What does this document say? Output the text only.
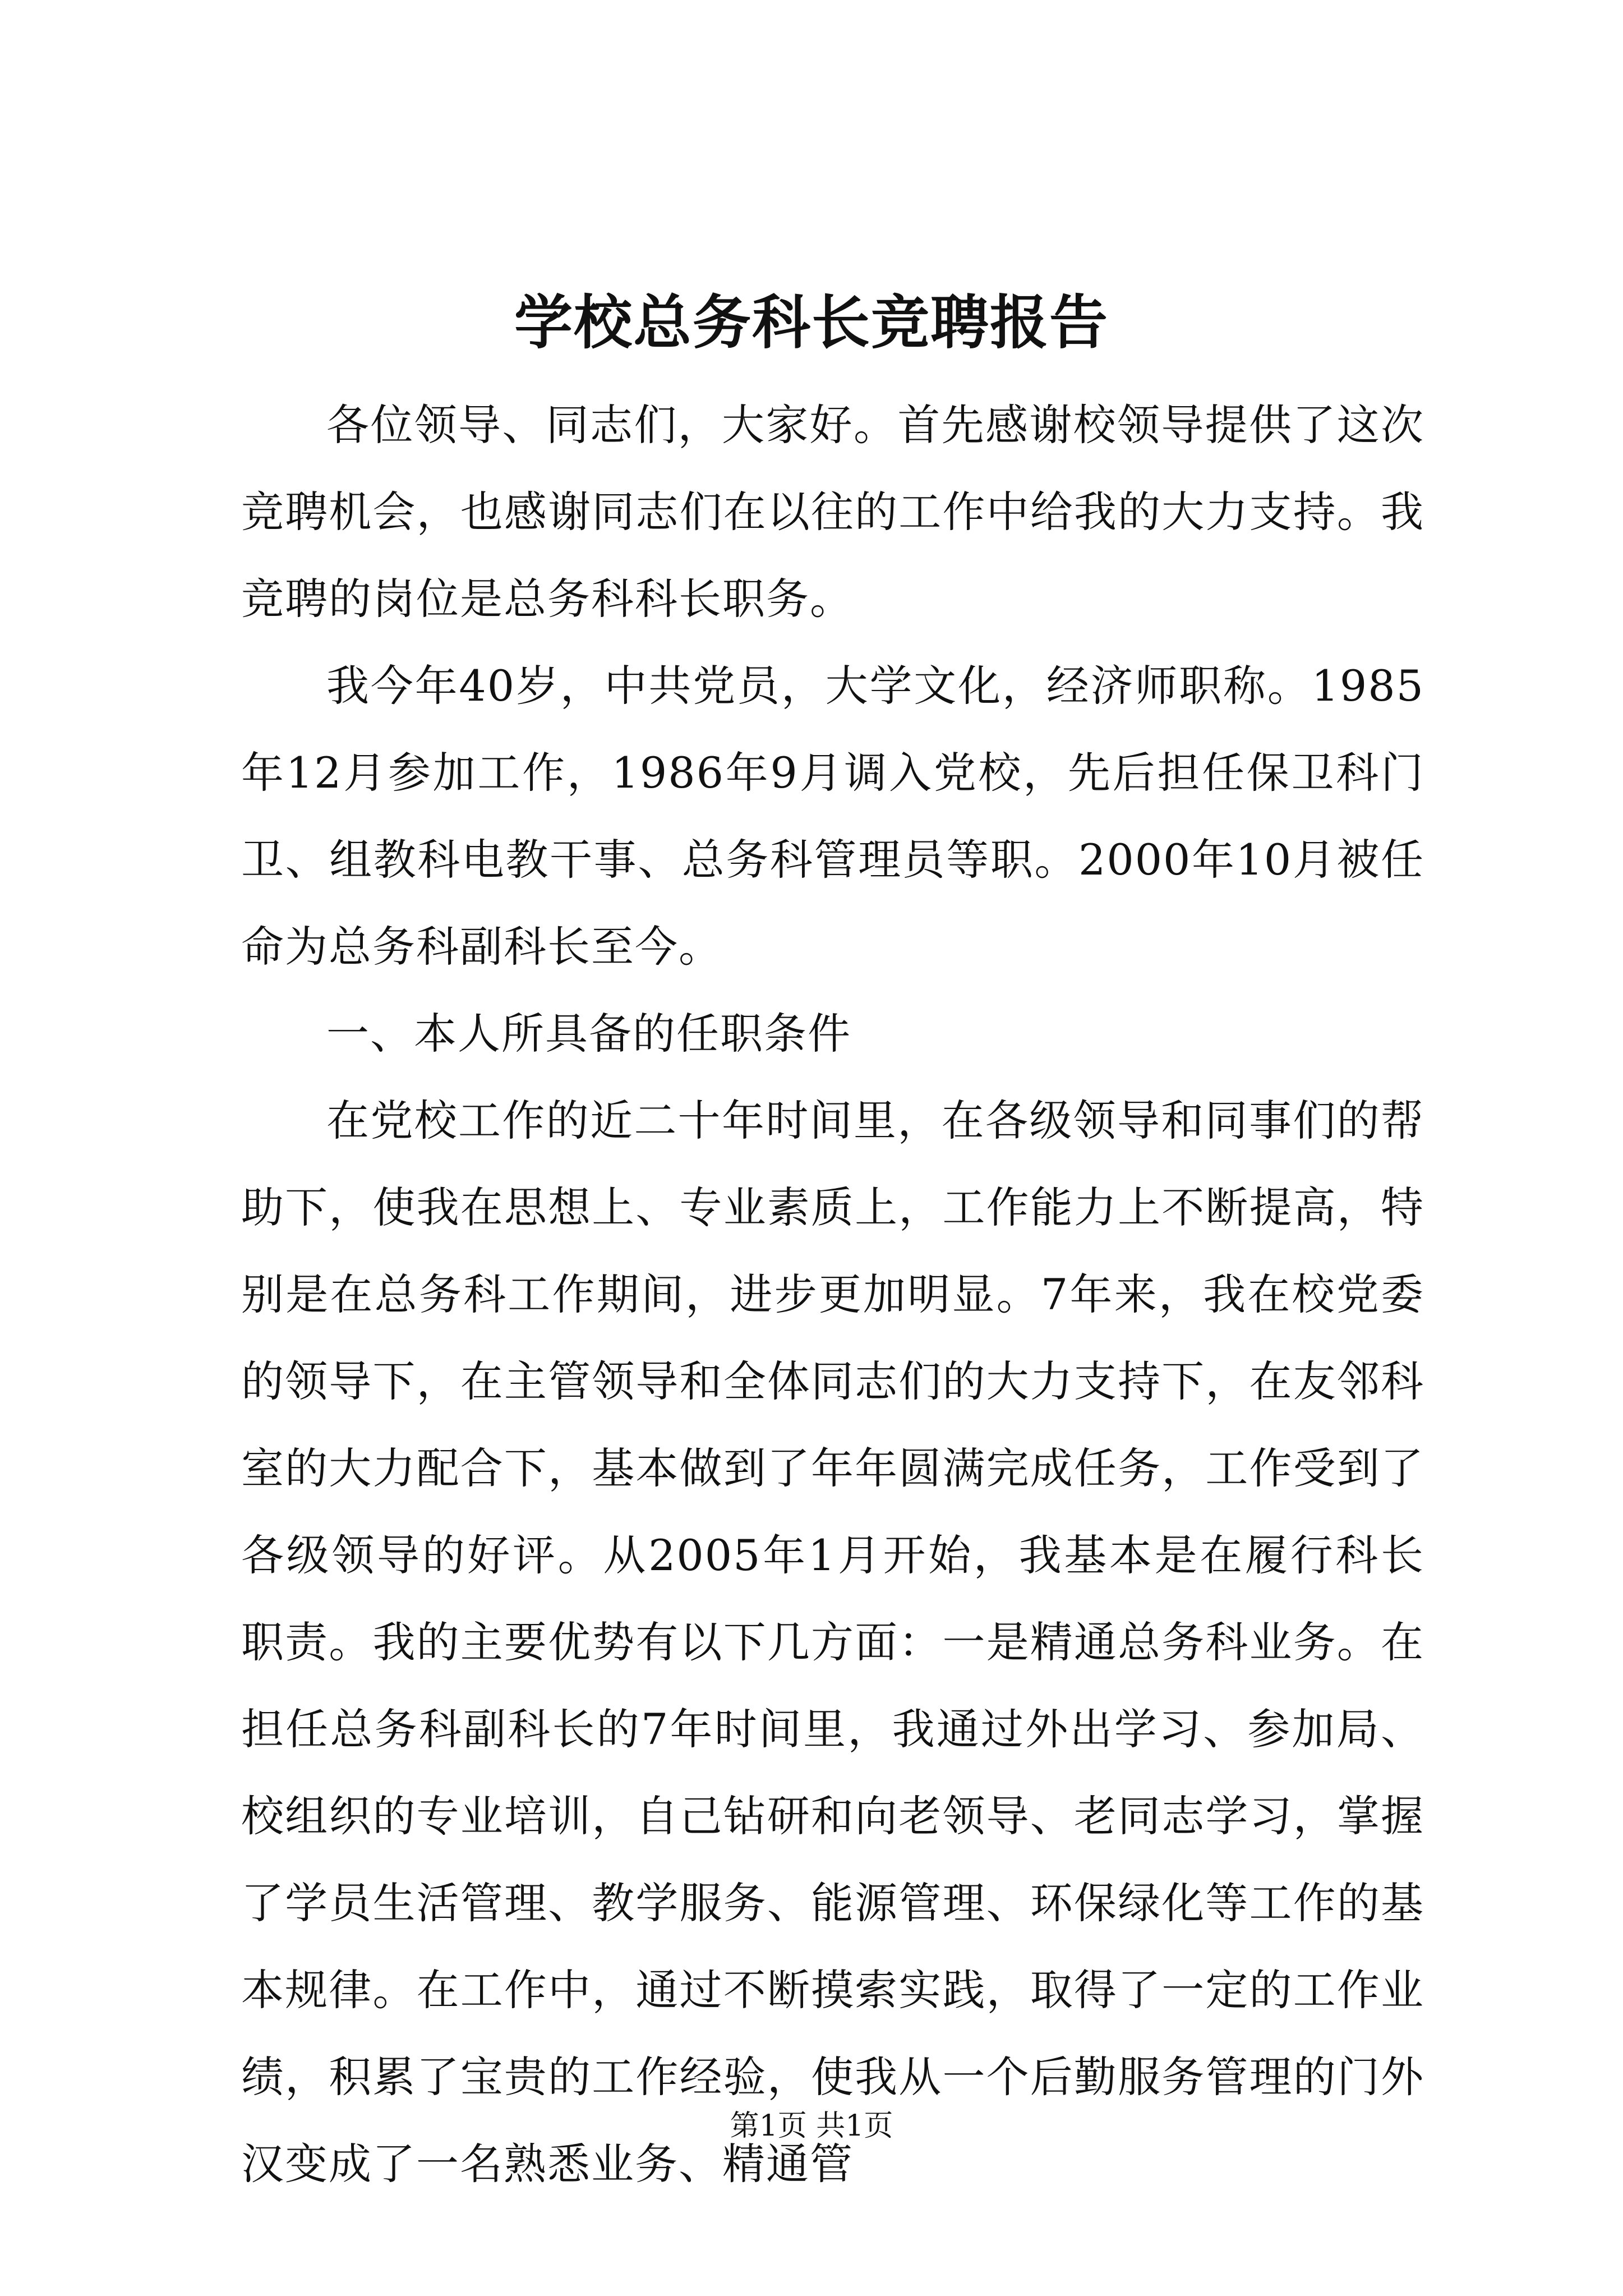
学校总务科长竞聘报告

各位领导、同志们，大家好。首先感谢校领导提供了这次竞聘机会，也感谢同志们在以往的工作中给我的大力支持。我竞聘的岗位是总务科科长职务。

我今年40岁，中共党员，大学文化，经济师职称。1985年12月参加工作，1986年9月调入党校，先后担任保卫科门卫、组教科电教干事、总务科管理员等职。2000年10月被任命为总务科副科长至今。

一、本人所具备的任职条件

在党校工作的近二十年时间里，在各级领导和同事们的帮助下，使我在思想上、专业素质上，工作能力上不断提高，特别是在总务科工作期间，进步更加明显。7年来，我在校党委的领导下，在主管领导和全体同志们的大力支持下，在友邻科室的大力配合下，基本做到了年年圆满完成任务，工作受到了各级领导的好评。从2005年1月开始，我基本是在履行科长职责。我的主要优势有以下几方面：一是精通总务科业务。在担任总务科副科长的7年时间里，我通过外出学习、参加局、校组织的专业培训，自己钻研和向老领导、老同志学习，掌握了学员生活管理、教学服务、能源管理、环保绿化等工作的基本规律。在工作中，通过不断摸索实践，取得了一定的工作业绩，积累了宝贵的工作经验，使我从一个后勤服务管理的门外汉变成了一名熟悉业务、精通管

第1页 共1页
